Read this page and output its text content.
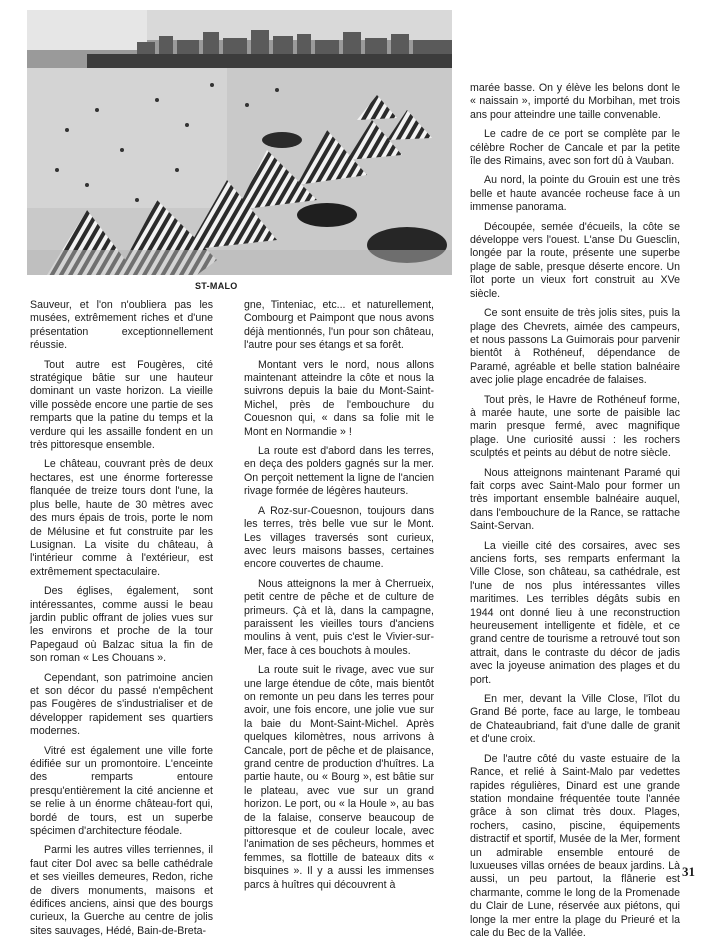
ST-MALO

Sauveur, et l'on n'oubliera pas les musées, extrêmement riches et d'une présentation exceptionnellement réussie.

Tout autre est Fougères, cité stratégique bâtie sur une hauteur dominant un vaste horizon. La vieille ville possède encore une partie de ses remparts que la patine du temps et la verdure qui les assaille fondent en un très pittoresque ensemble.

Le château, couvrant près de deux hectares, est une énorme forteresse flanquée de treize tours dont l'une, la plus belle, haute de 30 mètres avec des murs épais de trois, porte le nom de Mélusine et fut construite par les Lusignan. La visite du château, à l'intérieur comme à l'extérieur, est extrêmement spectaculaire.

Des églises, également, sont intéressantes, comme aussi le beau jardin public offrant de jolies vues sur les environs et proche de la tour Papegaud où Balzac situa la fin de son roman « Les Chouans ».

Cependant, son patrimoine ancien et son décor du passé n'empêchent pas Fougères de s'industrialiser et de développer rapidement ses quartiers modernes.

Vitré est également une ville forte édifiée sur un promontoire. L'enceinte des remparts entoure presqu'entièrement la cité ancienne et se relie à un énorme château-fort qui, bordé de tours, est un superbe spécimen d'architecture féodale.

Parmi les autres villes terriennes, il faut citer Dol avec sa belle cathédrale et ses vieilles demeures, Redon, riche de divers monuments, maisons et édifices anciens, ainsi que des bourgs curieux, la Guerche au centre de jolis sites sauvages, Hédé, Bain-de-Breta-

gne, Tinteniac, etc... et naturellement, Combourg et Paimpont que nous avons déjà mentionnés, l'un pour son château, l'autre pour ses étangs et sa forêt.

Montant vers le nord, nous allons maintenant atteindre la côte et nous la suivrons depuis la baie du Mont-Saint-Michel, près de l'embouchure du Couesnon qui, « dans sa folie mit le Mont en Normandie » !

La route est d'abord dans les terres, en deça des polders gagnés sur la mer. On perçoit nettement la ligne de l'ancien rivage formée de légères hauteurs.

A Roz-sur-Couesnon, toujours dans les terres, très belle vue sur le Mont. Les villages traversés sont curieux, avec leurs maisons basses, certaines encore couvertes de chaume.

Nous atteignons la mer à Cherrueix, petit centre de pêche et de culture de primeurs. Çà et là, dans la campagne, paraissent les vieilles tours d'anciens moulins à vent, puis c'est le Vivier-sur-Mer, face à ces bouchots à moules.

La route suit le rivage, avec vue sur une large étendue de côte, mais bientôt on remonte un peu dans les terres pour avoir, une fois encore, une jolie vue sur la baie du Mont-Saint-Michel. Après quelques kilomètres, nous arrivons à Cancale, port de pêche et de plaisance, grand centre de production d'huîtres. La partie haute, ou « Bourg », est bâtie sur le plateau, avec vue sur un grand horizon. Le port, ou « la Houle », au bas de la falaise, conserve beaucoup de pittoresque et de couleur locale, avec l'animation de ses pêcheurs, hommes et femmes, sa flottille de bateaux dits « bisquines ». Il y a aussi les immenses parcs à huîtres qui découvrent à

marée basse. On y élève les belons dont le « naissain », importé du Morbihan, met trois ans pour atteindre une taille convenable.

Le cadre de ce port se complète par le célèbre Rocher de Cancale et par la petite île des Rimains, avec son fort dû à Vauban.

Au nord, la pointe du Grouin est une très belle et haute avancée rocheuse face à un immense panorama.

Découpée, semée d'écueils, la côte se développe vers l'ouest. L'anse Du Guesclin, longée par la route, présente une superbe plage de sable, presque déserte encore. Un îlot porte un vieux fort construit au XVe siècle.

Ce sont ensuite de très jolis sites, puis la plage des Chevrets, aimée des campeurs, et nous passons La Guimorais pour parvenir bientôt à Rothéneuf, dépendance de Paramé, agréable et belle station balnéaire avec jolie plage encadrée de falaises.

Tout près, le Havre de Rothéneuf forme, à marée haute, une sorte de paisible lac marin presque fermé, avec magnifique plage. Une curiosité aussi : les rochers sculptés et peints au début de notre siècle.

Nous atteignons maintenant Paramé qui fait corps avec Saint-Malo pour former un très important ensemble balnéaire auquel, dans l'embouchure de la Rance, se rattache Saint-Servan.

La vieille cité des corsaires, avec ses anciens forts, ses remparts enfermant la Ville Close, son château, sa cathédrale, est l'une de nos plus intéressantes villes maritimes. Les terribles dégâts subis en 1944 ont donné lieu à une reconstruction heureusement intelligente et fidèle, et ce grand centre de tourisme a retrouvé tout son attrait, dans le contraste du décor de jadis avec la joyeuse animation des plages et du port.

En mer, devant la Ville Close, l'îlot du Grand Bé porte, face au large, le tombeau de Chateaubriand, fait d'une dalle de granit et d'une croix.

De l'autre côté du vaste estuaire de la Rance, et relié à Saint-Malo par vedettes rapides régulières, Dinard est une grande station mondaine fréquentée toute l'année grâce à son climat très doux. Plages, rochers, casino, piscine, équipements distractif et sportif, Musée de la Mer, forment un admirable ensemble entouré de luxueuses villas ornées de beaux jardins. Là aussi, un peu partout, la flânerie est charmante, comme le long de la Promenade du Clair de Lune, réservée aux piétons, qui longe la mer entre la plage du Prieuré et la cale du Bec de la Vallée.

31
